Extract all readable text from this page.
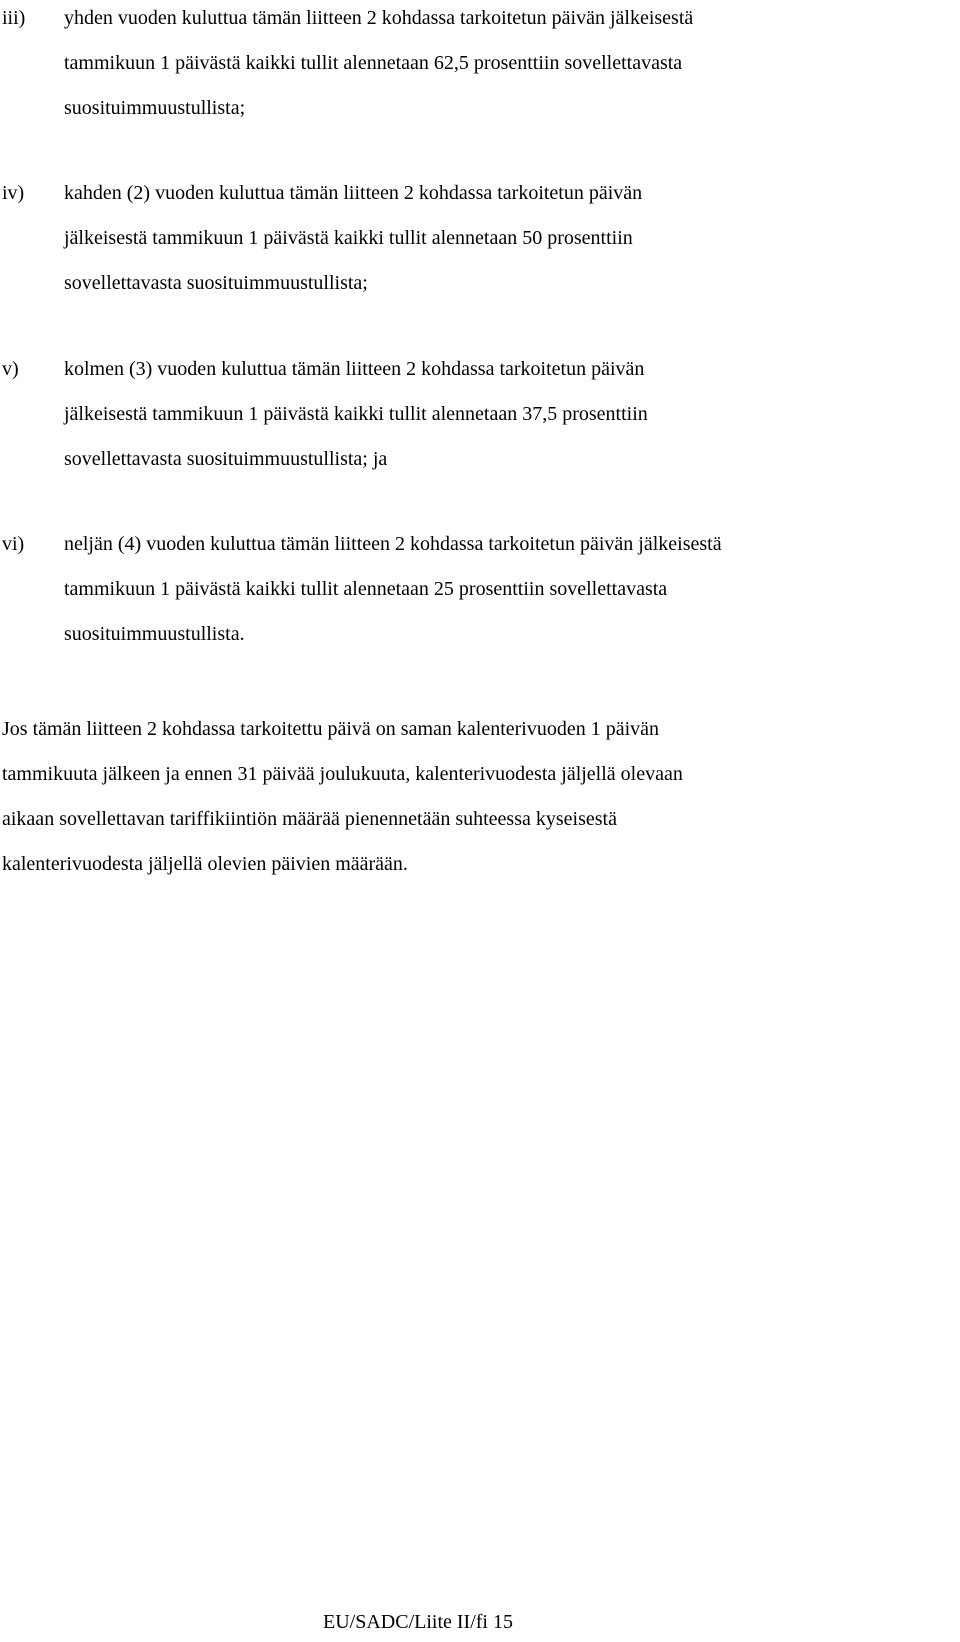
iii) yhden vuoden kuluttua tämän liitteen 2 kohdassa tarkoitetun päivän jälkeisestä
tammikuun 1 päivästä kaikki tullit alennetaan 62,5 prosenttiin sovellettavasta
suosituimmuustullista;
iv) kahden (2) vuoden kuluttua tämän liitteen 2 kohdassa tarkoitetun päivän
jälkeisestä tammikuun 1 päivästä kaikki tullit alennetaan 50 prosenttiin
sovellettavasta suosituimmuustullista;
v) kolmen (3) vuoden kuluttua tämän liitteen 2 kohdassa tarkoitetun päivän
jälkeisestä tammikuun 1 päivästä kaikki tullit alennetaan 37,5 prosenttiin
sovellettavasta suosituimmuustullista; ja
vi) neljän (4) vuoden kuluttua tämän liitteen 2 kohdassa tarkoitetun päivän jälkeisestä
tammikuun 1 päivästä kaikki tullit alennetaan 25 prosenttiin sovellettavasta
suosituimmuustullista.
Jos tämän liitteen 2 kohdassa tarkoitettu päivä on saman kalenterivuoden 1 päivän
tammikuuta jälkeen ja ennen 31 päivää joulukuuta, kalenterivuodesta jäljellä olevaan
aikaan sovellettavan tariffikiintiön määrää pienennetään suhteessa kyseisestä
kalenterivuodesta jäljellä olevien päivien määrään.
EU/SADC/Liite II/fi 15
